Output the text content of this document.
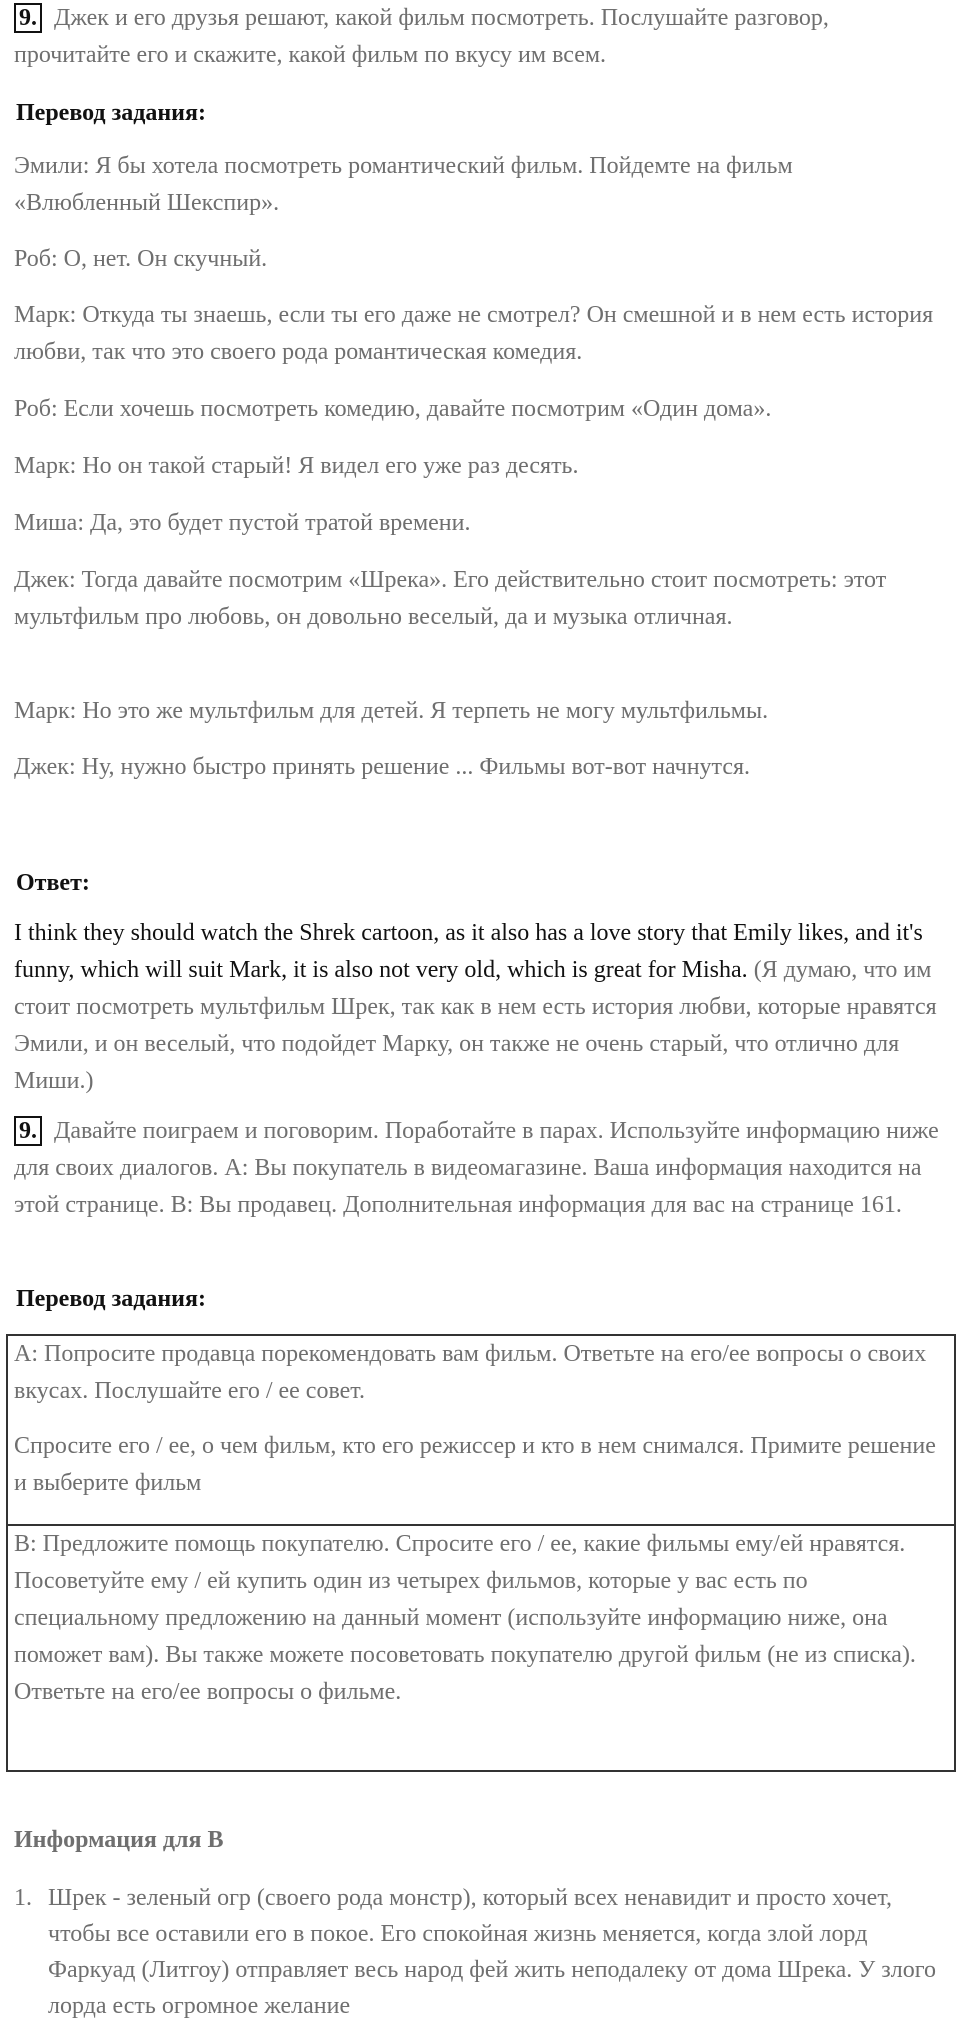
9. Джек и его друзья решают, какой фильм посмотреть. Послушайте разговор, прочитайте его и скажите, какой фильм по вкусу им всем.

Перевод задания:

Эмили: Я бы хотела посмотреть романтический фильм. Пойдемте на фильм «Влюбленный Шекспир».

Роб: О, нет. Он скучный.

Марк: Откуда ты знаешь, если ты его даже не смотрел? Он смешной и в нем есть история любви, так что это своего рода романтическая комедия.

Роб: Если хочешь посмотреть комедию, давайте посмотрим «Один дома».

Марк: Но он такой старый! Я видел его уже раз десять.

Миша: Да, это будет пустой тратой времени.

Джек: Тогда давайте посмотрим «Шрека». Его действительно стоит посмотреть: этот мультфильм про любовь, он довольно веселый, да и музыка отличная.

Марк: Но это же мультфильм для детей. Я терпеть не могу мультфильмы.

Джек: Ну, нужно быстро принять решение ... Фильмы вот-вот начнутся.

Ответ:

I think they should watch the Shrek cartoon, as it also has a love story that Emily likes, and it's funny, which will suit Mark, it is also not very old, which is great for Misha. (Я думаю, что им стоит посмотреть мультфильм Шрек, так как в нем есть история любви, которые нравятся Эмили, и он веселый, что подойдет Марку, он также не очень старый, что отлично для Миши.)

9. Давайте поиграем и поговорим. Поработайте в парах. Используйте информацию ниже для своих диалогов. А: Вы покупатель в видеомагазине. Ваша информация находится на этой странице. В: Вы продавец. Дополнительная информация для вас на странице 161.

Перевод задания:

А: Попросите продавца порекомендовать вам фильм. Ответьте на его/ее вопросы о своих вкусах. Послушайте его / ее совет.

Спросите его / ее, о чем фильм, кто его режиссер и кто в нем снимался. Примите решение и выберите фильм

В: Предложите помощь покупателю. Спросите его / ее, какие фильмы ему/ей нравятся. Посоветуйте ему / ей купить один из четырех фильмов, которые у вас есть по специальному предложению на данный момент (используйте информацию ниже, она поможет вам). Вы также можете посоветовать покупателю другой фильм (не из списка). Ответьте на его/ее вопросы о фильме.

Информация для В

1. Шрек - зеленый огр (своего рода монстр), который всех ненавидит и просто хочет, чтобы все оставили его в покое. Его спокойная жизнь меняется, когда злой лорд Фаркуад (Литгоу) отправляет весь народ фей жить неподалеку от дома Шрека. У злого лорда есть огромное желание
